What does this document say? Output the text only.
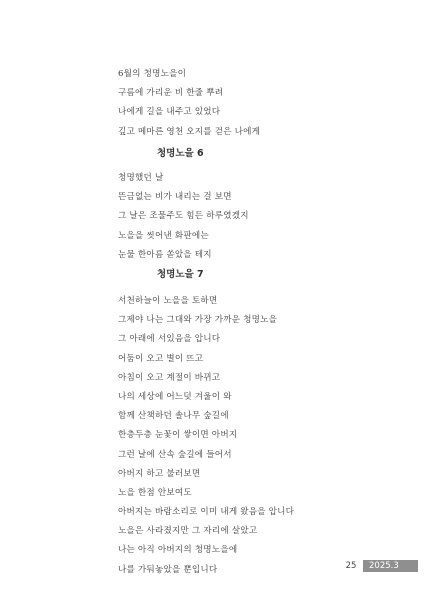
6월의 청명노을이
구름에 가리운 비 한줄 뿌려
나에게 길을 내주고 있었다
깊고 메마른 영천 오지를 걷은 나에게
청명노을 6
청명했던 날
뜬금없는 비가 내리는 걸 보면
그 날은 조물주도 힘든 하루였겠지
노을을 씻어낸 화판에는
눈물 한아름 쏟았을 테지
청명노을 7
서천하늘이 노을을 토하면
그제야 나는 그대와 가장 가까운 청명노을
그 아래에 서있음을 압니다
어둠이 오고 별이 뜨고
아침이 오고 계절이 바뀌고
나의 세상에 어느덧 겨울이 와
함께 산책하던 솔나무 숲길에
한층두층 눈꽃이 쌓이면 아버지
그런 날에 산속 숲길에 들어서
아버지 하고 불러보면
노을 한점 안보여도
아버지는 바람소리로 이미 내게 왔음을 압니다
노을은 사라졌지만 그 자리에 살았고
나는 아직 아버지의 청명노을에
나를 가둬놓았을 뿐입니다	25	2025.3
